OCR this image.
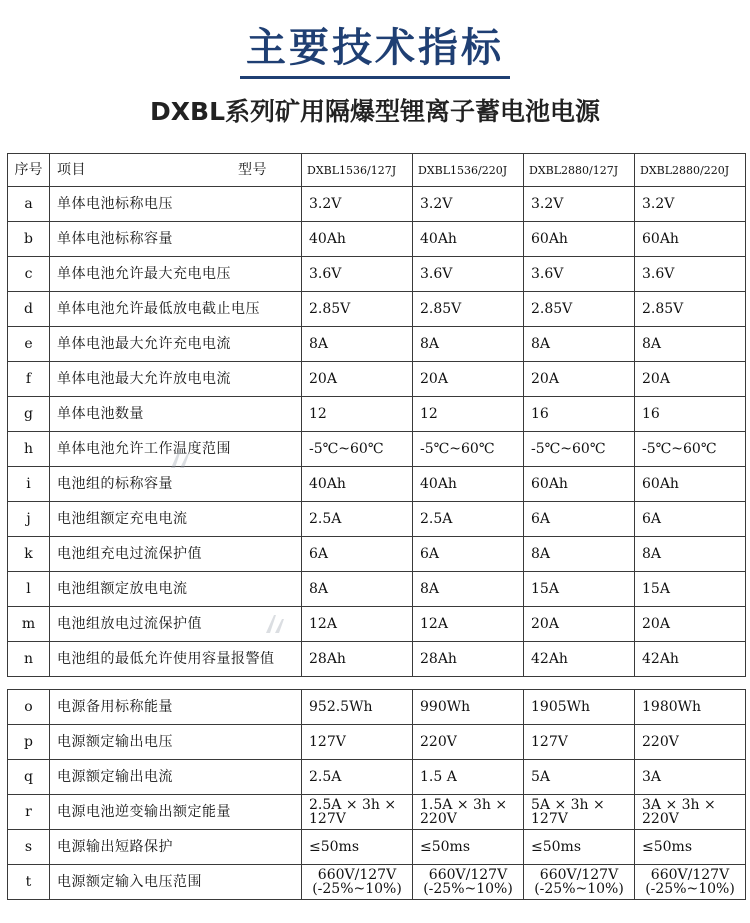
主要技术指标
DXBL系列矿用隔爆型锂离子蓄电池电源
序号	项目 型号	DXBL1536/127J	DXBL1536/220J	DXBL2880/127J	DXBL2880/220J
a	单体电池标称电压	3.2V	3.2V	3.2V	3.2V
b	单体电池标称容量	40Ah	40Ah	60Ah	60Ah
c	单体电池允许最大充电电压	3.6V	3.6V	3.6V	3.6V
d	单体电池允许最低放电截止电压	2.85V	2.85V	2.85V	2.85V
e	单体电池最大允许充电电流	8A	8A	8A	8A
f	单体电池最大允许放电电流	20A	20A	20A	20A
g	单体电池数量	12	12	16	16
h	单体电池允许工作温度范围	-5℃~60℃	-5℃~60℃	-5℃~60℃	-5℃~60℃
i	电池组的标称容量	40Ah	40Ah	60Ah	60Ah
j	电池组额定充电电流	2.5A	2.5A	6A	6A
k	电池组充电过流保护值	6A	6A	8A	8A
l	电池组额定放电电流	8A	8A	15A	15A
m	电池组放电过流保护值	12A	12A	20A	20A
n	电池组的最低允许使用容量报警值	28Ah	28Ah	42Ah	42Ah
o	电源备用标称能量	952.5Wh	990Wh	1905Wh	1980Wh
p	电源额定输出电压	127V	220V	127V	220V
q	电源额定输出电流	2.5A	1.5 A	5A	3A
r	电源电池逆变输出额定能量	2.5A × 3h × 127V	1.5A × 3h × 220V	5A × 3h × 127V	3A × 3h × 220V
s	电源输出短路保护	≤50ms	≤50ms	≤50ms	≤50ms
t	电源额定输入电压范围	660V/127V (-25%~10%)	660V/127V (-25%~10%)	660V/127V (-25%~10%)	660V/127V (-25%~10%)
